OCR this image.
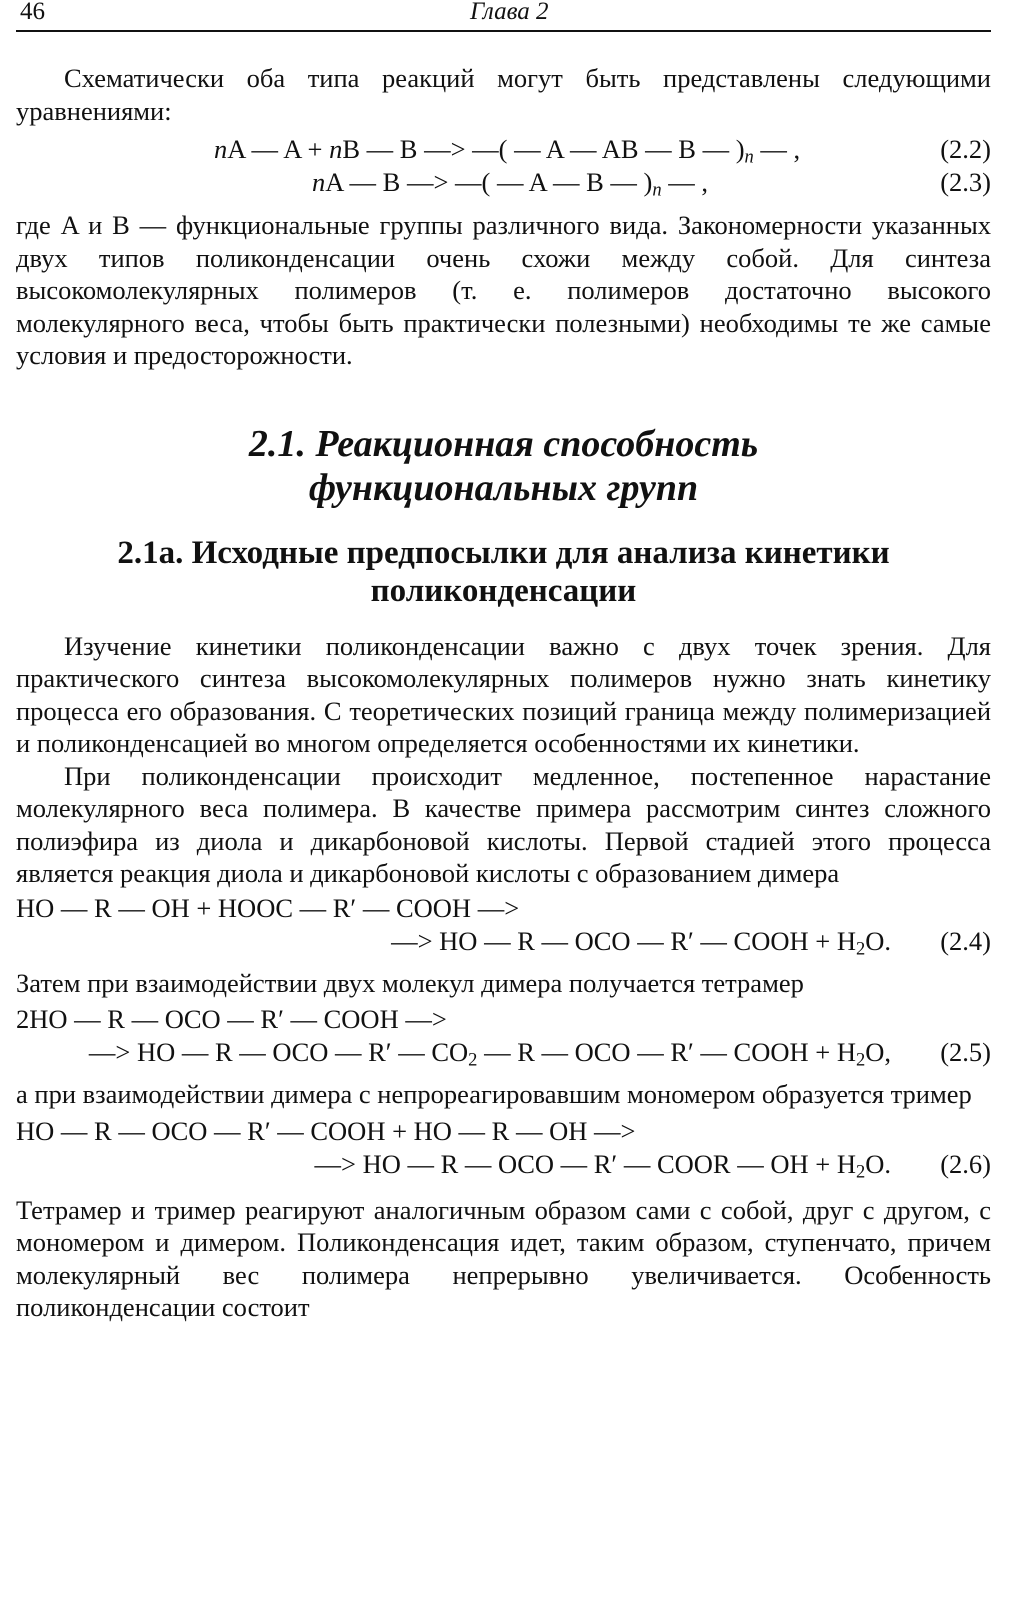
46	Глава 2

Схематически оба типа реакций могут быть представлены следующими уравнениями:

nA — A + nB — B —> —( — A — AB — B — )$_n$ — ,	(2.2)
nA — B —> —( — A — B — )$_n$ — ,	(2.3)

где A и B — функциональные группы различного вида. Закономерности указанных двух типов поликонденсации очень схожи между собой. Для синтеза высокомолекулярных полимеров (т. е. полимеров достаточно высокого молекулярного веса, чтобы быть практически полезными) необходимы те же самые условия и предосторожности.

2.1. Реакционная способность
функциональных групп

2.1а. Исходные предпосылки для анализа кинетики
поликонденсации

Изучение кинетики поликонденсации важно с двух точек зрения. Для практического синтеза высокомолекулярных полимеров нужно знать кинетику процесса его образования. С теоретических позиций граница между полимеризацией и поликонденсацией во многом определяется особенностями их кинетики.

При поликонденсации происходит медленное, постепенное нарастание молекулярного веса полимера. В качестве примера рассмотрим синтез сложного полиэфира из диола и дикарбоновой кислоты. Первой стадией этого процесса является реакция диола и дикарбоновой кислоты с образованием димера

HO — R — OH + HOOC — R′ — COOH —>
—> HO — R — OCO — R′ — COOH + $H_2O$. (2.4)

Затем при взаимодействии двух молекул димера получается тетрамер

2HO — R — OCO — R′ — COOH —>
—> HO — R — OCO — R′ — $CO_2$ — R — OCO — R′ — COOH + $H_2O$, (2.5)

а при взаимодействии димера с непрореагировавшим мономером образуется тример

HO — R — OCO — R′ — COOH + HO — R — OH —>
—> HO — R — OCO — R′ — COOR — OH + $H_2O$. (2.6)

Тетрамер и тример реагируют аналогичным образом сами с собой, друг с другом, с мономером и димером. Поликонденсация идет, таким образом, ступенчато, причем молекулярный вес полимера непрерывно увеличивается. Особенность поликонденсации состоит
